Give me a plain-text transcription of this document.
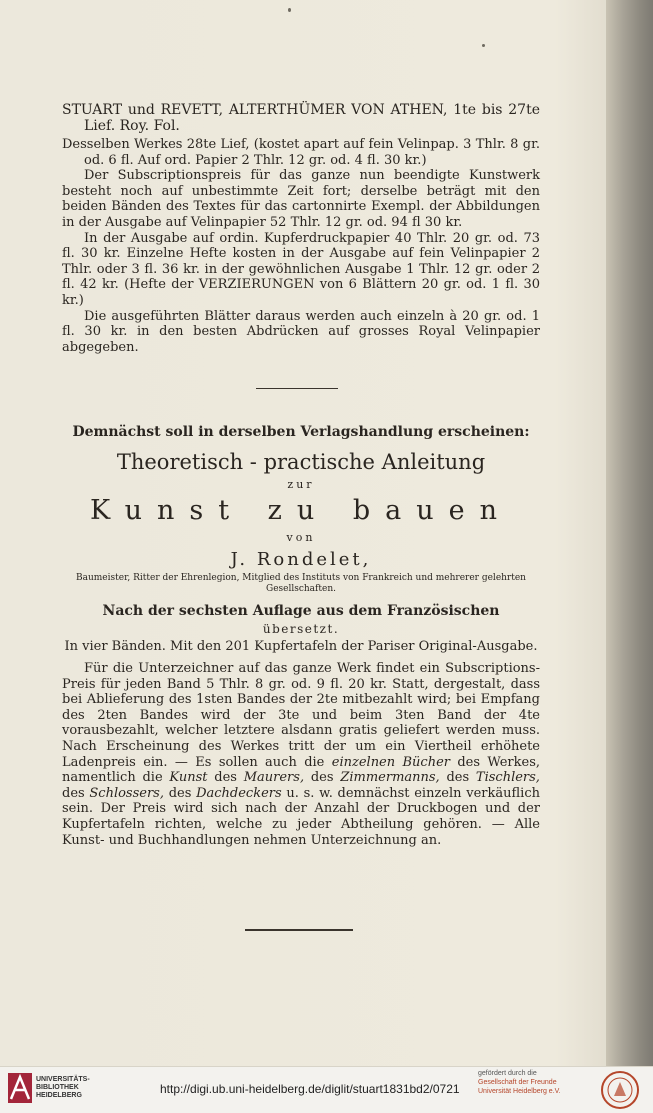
STUART und REVETT, ALTERTHÜMER VON ATHEN, 1te bis 27te Lief. Roy. Fol.

Desselben Werkes 28te Lief, (kostet apart auf fein Velinpap. 3 Thlr. 8 gr. od. 6 fl. Auf ord. Papier 2 Thlr. 12 gr. od. 4 fl. 30 kr.)

Der Subscriptionspreis für das ganze nun beendigte Kunstwerk besteht noch auf unbestimmte Zeit fort; derselbe beträgt mit den beiden Bänden des Textes für das cartonnirte Exempl. der Abbildungen in der Ausgabe auf Velinpapier 52 Thlr. 12 gr. od. 94 fl 30 kr.

In der Ausgabe auf ordin. Kupferdruckpapier 40 Thlr. 20 gr. od. 73 fl. 30 kr. Einzelne Hefte kosten in der Ausgabe auf fein Velinpapier 2 Thlr. oder 3 fl. 36 kr. in der gewöhnlichen Ausgabe 1 Thlr. 12 gr. oder 2 fl. 42 kr. (Hefte der VERZIERUNGEN von 6 Blättern 20 gr. od. 1 fl. 30 kr.)

Die ausgeführten Blätter daraus werden auch einzeln à 20 gr. od. 1 fl. 30 kr. in den besten Abdrücken auf grosses Royal Velinpapier abgegeben.

Demnächst soll in derselben Verlagshandlung erscheinen:

Theoretisch - practische Anleitung

zur

Kunst zu bauen

von

J. Rondelet,

Baumeister, Ritter der Ehrenlegion, Mitglied des Instituts von Frankreich und mehrerer gelehrten Gesellschaften.

Nach der sechsten Auflage aus dem Französischen

übersetzt.

In vier Bänden. Mit den 201 Kupfertafeln der Pariser Original-Ausgabe.

Für die Unterzeichner auf das ganze Werk findet ein Subscriptions-Preis für jeden Band 5 Thlr. 8 gr. od. 9 fl. 20 kr. Statt, dergestalt, dass bei Ablieferung des 1sten Bandes der 2te mitbezahlt wird; bei Empfang des 2ten Bandes wird der 3te und beim 3ten Band der 4te vorausbezahlt, welcher letztere alsdann gratis geliefert werden muss. Nach Erscheinung des Werkes tritt der um ein Viertheil erhöhete Ladenpreis ein. — Es sollen auch die einzelnen Bücher des Werkes, namentlich die Kunst des Maurers, des Zimmermanns, des Tischlers, des Schlossers, des Dachdeckers u. s. w. demnächst einzeln verkäuflich sein. Der Preis wird sich nach der Anzahl der Druckbogen und der Kupfertafeln richten, welche zu jeder Abtheilung gehören. — Alle Kunst- und Buchhandlungen nehmen Unterzeichnung an.

UNIVERSITÄTS-
BIBLIOTHEK
HEIDELBERG	http://digi.ub.uni-heidelberg.de/diglit/stuart1831bd2/0721
gefördert durch die
Gesellschaft der Freunde
Universität Heidelberg e.V.
